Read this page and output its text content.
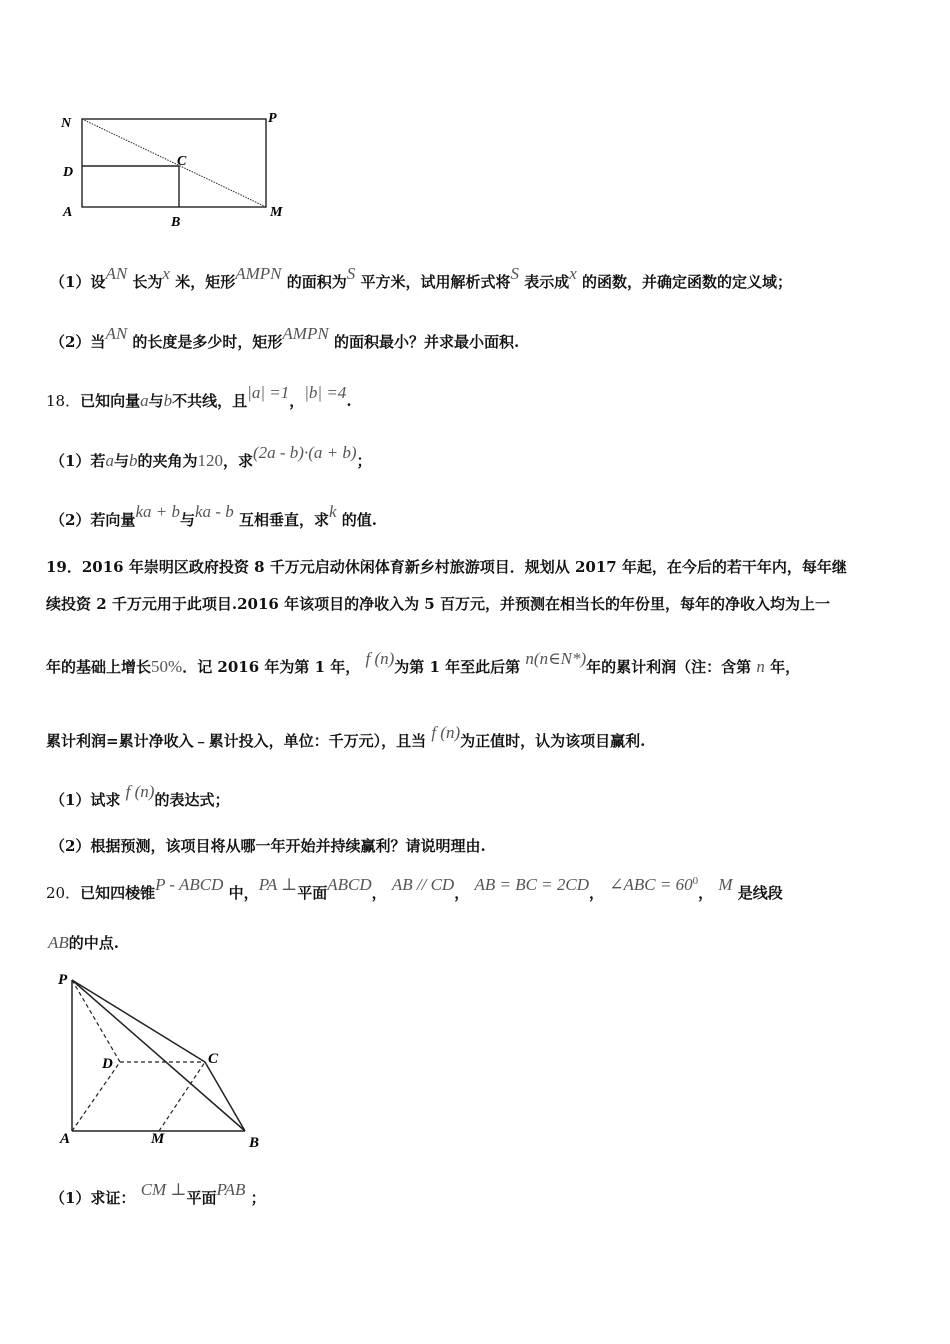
N	P
D
C
A
B
M
（1）设AN 长为x 米，矩形AMPN 的面积为S 平方米，试用解析式将S 表示成x 的函数，并确定函数的定义域；
（2）当AN 的长度是多少时，矩形AMPN 的面积最小？并求最小面积.
18．已知向量a与b不共线，且|a| =1，|b| =4.
（1）若a与b的夹角为120，求(2a - b)·(a + b)；
（2）若向量ka + b与ka - b 互相垂直，求k 的值.
19．2016 年崇明区政府投资 8 千万元启动休闲体育新乡村旅游项目．规划从 2017 年起，在今后的若干年内，每年继
续投资 2 千万元用于此项目.2016 年该项目的净收入为 5 百万元，并预测在相当长的年份里，每年的净收入均为上一
年的基础上增长50%．记 2016 年为第 1 年， f (n)为第 1 年至此后第 n(n∈N*)年的累计利润（注：含第 n 年，
累计利润=累计净收入﹣累计投入，单位：千万元），且当 f (n)为正值时，认为该项目赢利.
（1）试求 f (n)的表达式；
（2）根据预测，该项目将从哪一年开始并持续赢利？请说明理由.
20．已知四棱锥P - ABCD 中，PA ⊥平面ABCD， AB // CD， AB = BC = 2CD， ∠ABC = $60^0$， M 是线段
AB的中点.
P
D	C
A	M	B
（1）求证： CM ⊥平面PAB ；
